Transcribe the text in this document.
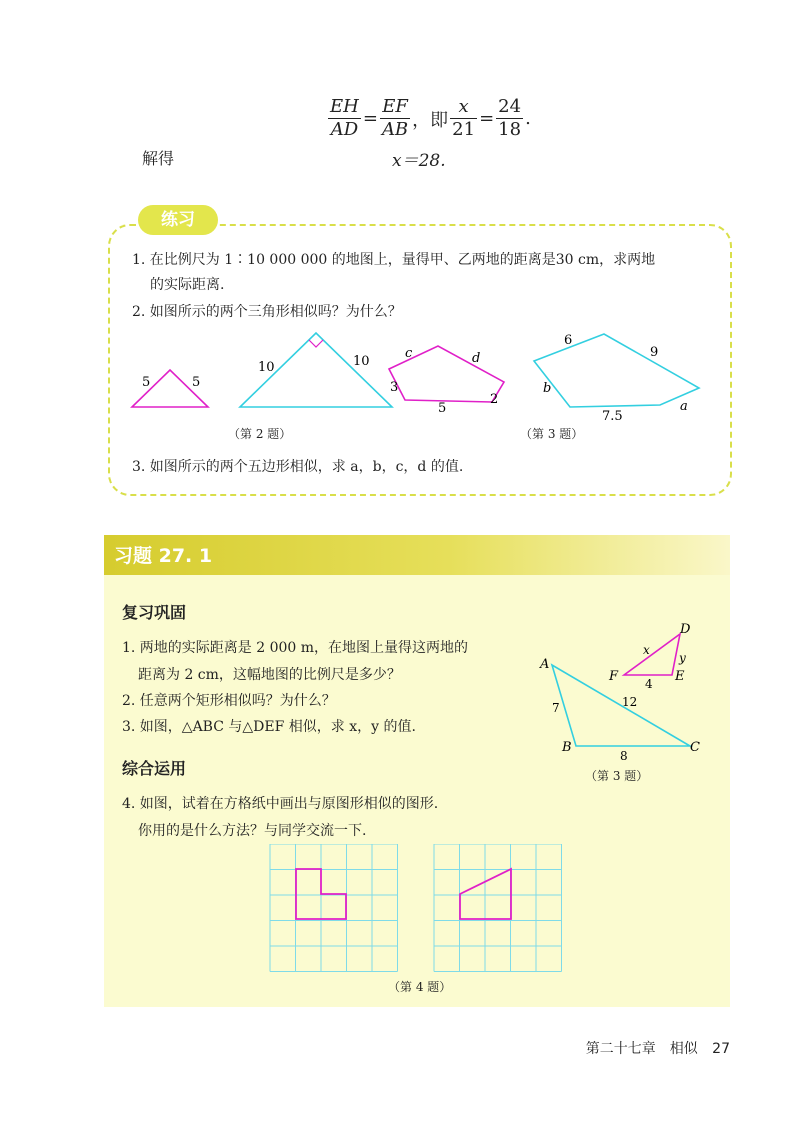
$\frac{EH}{AD} = \frac{EF}{AB}$ ，即 $\frac{x}{21} = \frac{24}{18}$ .
解得	x＝28.
练习
1. 在比例尺为 1∶10 000 000 的地图上，量得甲、乙两地的距离是30 cm，求两地
的实际距离.
2. 如图所示的两个三角形相似吗？为什么？
5	5
10	10
c	d
3
5
2
6
9
b
7.5
a
（第 2 题）	（第 3 题）
3. 如图所示的两个五边形相似，求 a，b，c，d 的值.
习题 27. 1
复习巩固
1. 两地的实际距离是 2 000 m，在地图上量得这两地的
距离为 2 cm，这幅地图的比例尺是多少？
2. 任意两个矩形相似吗？为什么？
3. 如图，△ABC 与△DEF 相似，求 x，y 的值.
综合运用
4. 如图，试着在方格纸中画出与原图形相似的图形.
你用的是什么方法？与同学交流一下.
A
B	C
D
E
F
x
y
4
7	12
8
（第 3 题）
（第 4 题）
第二十七章　相似 27
